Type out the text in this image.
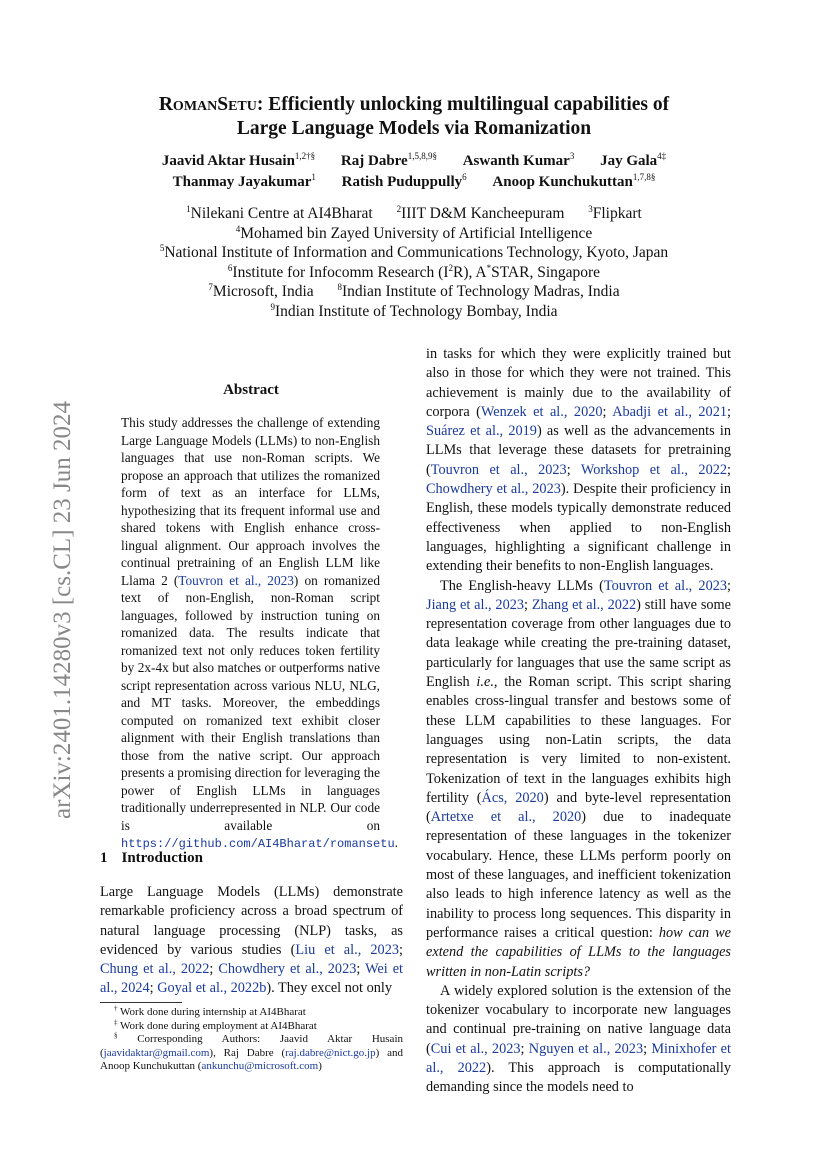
RomanSetu: Efficiently unlocking multilingual capabilities of
Large Language Models via Romanization
Jaavid Aktar Husain$^{1,2\dagger\S}$ Raj Dabre$^{1,5,8,9\S}$ Aswanth Kumar$^3$ Jay Gala$^{4\ddagger}$
Thanmay Jayakumar$^1$ Ratish Puduppully$^6$ Anoop Kunchukuttan$^{1,7,8\S}$
$^1$Nilekani Centre at AI4Bharat	$^2$IIIT D&M Kancheepuram	$^3$Flipkart
$^4$Mohamed bin Zayed University of Artificial Intelligence
$^5$National Institute of Information and Communications Technology, Kyoto, Japan
$^6$Institute for Infocomm Research $(I^2R)$, A*STAR, Singapore
$^7$Microsoft, India	$^8$Indian Institute of Technology Madras, India
$^9$Indian Institute of Technology Bombay, India
arXiv:2401.14280v3 [cs.CL] 23 Jun 2024
Abstract
This study addresses the challenge of extending Large Language Models (LLMs) to non-English languages that use non-Roman scripts. We propose an approach that utilizes the romanized form of text as an interface for LLMs, hypothesizing that its frequent informal use and shared tokens with English enhance cross-lingual alignment. Our approach involves the continual pretraining of an English LLM like Llama 2 (Touvron et al., 2023) on romanized text of non-English, non-Roman script languages, followed by instruction tuning on romanized data. The results indicate that romanized text not only reduces token fertility by 2x-4x but also matches or outperforms native script representation across various NLU, NLG, and MT tasks. Moreover, the embeddings computed on romanized text exhibit closer alignment with their English translations than those from the native script. Our approach presents a promising direction for leveraging the power of English LLMs in languages traditionally underrepresented in NLP. Our code is available on https://github.com/AI4Bharat/romansetu.
1 Introduction

Large Language Models (LLMs) demonstrate remarkable proficiency across a broad spectrum of natural language processing (NLP) tasks, as evidenced by various studies (Liu et al., 2023; Chung et al., 2022; Chowdhery et al., 2023; Wei et al., 2024; Goyal et al., 2022b). They excel not only

† Work done during internship at AI4Bharat

‡ Work done during employment at AI4Bharat

§ Corresponding Authors: Jaavid Aktar Husain (jaavidaktar@gmail.com), Raj Dabre (raj.dabre@nict.go.jp) and Anoop Kunchukuttan (ankunchu@microsoft.com)

in tasks for which they were explicitly trained but also in those for which they were not trained. This achievement is mainly due to the availability of corpora (Wenzek et al., 2020; Abadji et al., 2021; Suárez et al., 2019) as well as the advancements in LLMs that leverage these datasets for pretraining (Touvron et al., 2023; Workshop et al., 2022; Chowdhery et al., 2023). Despite their proficiency in English, these models typically demonstrate reduced effectiveness when applied to non-English languages, highlighting a significant challenge in extending their benefits to non-English languages.

The English-heavy LLMs (Touvron et al., 2023; Jiang et al., 2023; Zhang et al., 2022) still have some representation coverage from other languages due to data leakage while creating the pre-training dataset, particularly for languages that use the same script as English i.e., the Roman script. This script sharing enables cross-lingual transfer and bestows some of these LLM capabilities to these languages. For languages using non-Latin scripts, the data representation is very limited to non-existent. Tokenization of text in the languages exhibits high fertility (Ács, 2020) and byte-level representation (Artetxe et al., 2020) due to inadequate representation of these languages in the tokenizer vocabulary. Hence, these LLMs perform poorly on most of these languages, and inefficient tokenization also leads to high inference latency as well as the inability to process long sequences. This disparity in performance raises a critical question: how can we extend the capabilities of LLMs to the languages written in non-Latin scripts?

A widely explored solution is the extension of the tokenizer vocabulary to incorporate new languages and continual pre-training on native language data (Cui et al., 2023; Nguyen et al., 2023; Minixhofer et al., 2022). This approach is computationally demanding since the models need to
